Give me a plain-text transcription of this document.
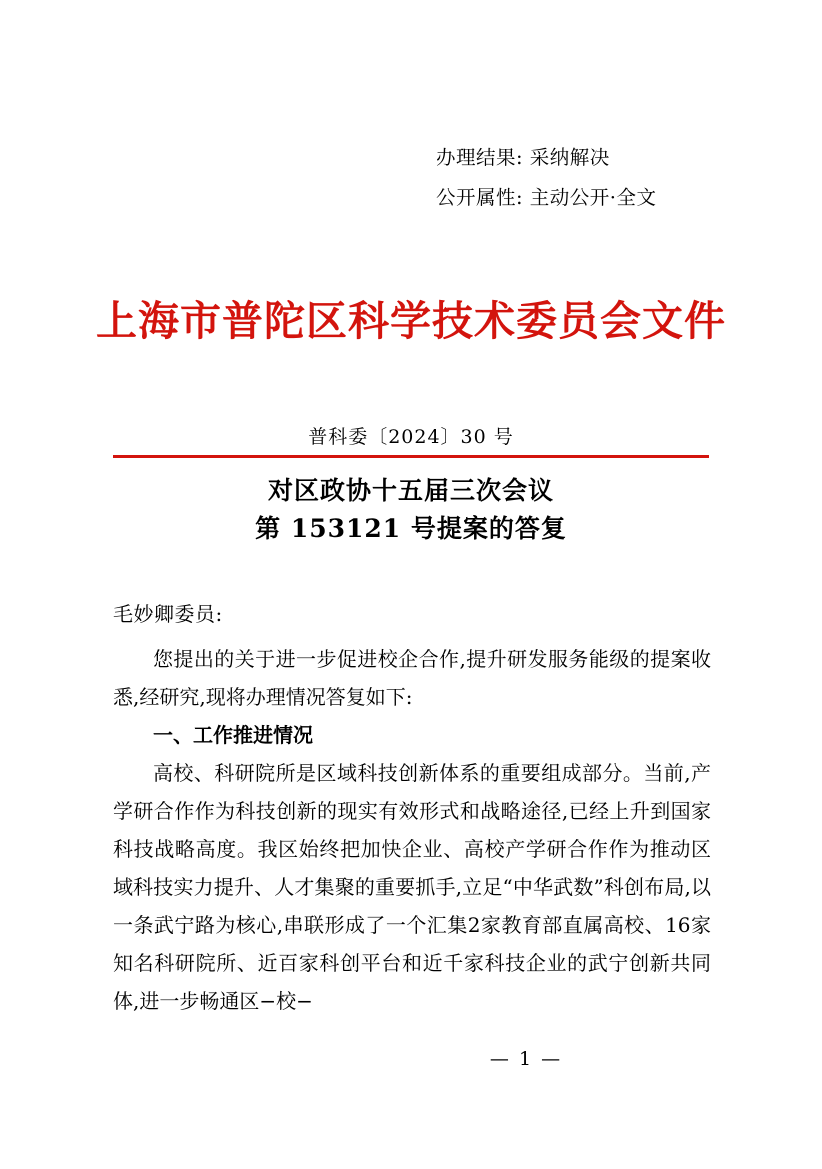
办理结果: 采纳解决
公开属性: 主动公开·全文
上海市普陀区科学技术委员会文件
普科委〔2024〕30 号
对区政协十五届三次会议
第 153121 号提案的答复
毛妙卿委员:

您提出的关于进一步促进校企合作,提升研发服务能级的提案收悉,经研究,现将办理情况答复如下:

一、工作推进情况

高校、科研院所是区域科技创新体系的重要组成部分。当前,产学研合作作为科技创新的现实有效形式和战略途径,已经上升到国家科技战略高度。我区始终把加快企业、高校产学研合作作为推动区域科技实力提升、人才集聚的重要抓手,立足“中华武数”科创布局,以一条武宁路为核心,串联形成了一个汇集2家教育部直属高校、16家知名科研院所、近百家科创平台和近千家科技企业的武宁创新共同体,进一步畅通区−校−

— 1 —
